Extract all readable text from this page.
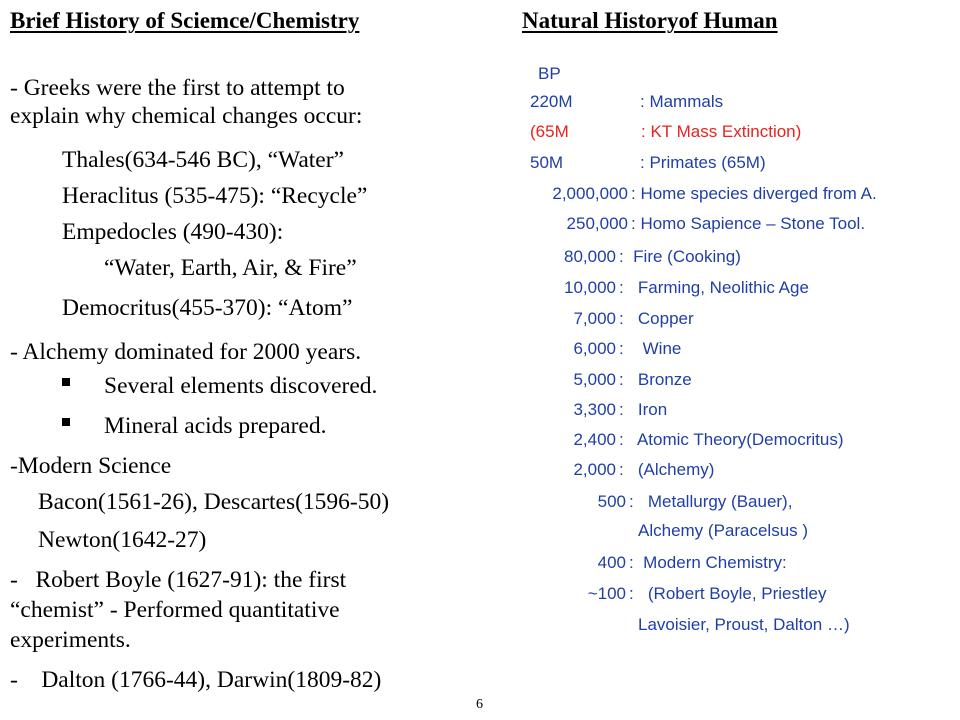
Brief History of Sciemce/Chemistry
- Greeks were the first to attempt to
explain why chemical changes occur:
Thales(634-546 BC), “Water”
Heraclitus (535-475): “Recycle”
Empedocles (490-430):
“Water, Earth, Air, & Fire”
Democritus(455-370): “Atom”
- Alchemy dominated for 2000 years.
Several elements discovered.
Mineral acids prepared.
-Modern Science
Bacon(1561-26), Descartes(1596-50)
Newton(1642-27)
-   Robert Boyle (1627-91): the first
“chemist” - Performed quantitative
experiments.
-    Dalton (1766-44), Darwin(1809-82)
Natural Historyof Human
BP
220M	: Mammals
(65M	: KT Mass Extinction)
50M	: Primates (65M)
2,000,000 : Home species diverged from A.
250,000 : Homo Sapience – Stone Tool.
80,000 :  Fire (Cooking)
10,000 :   Farming, Neolithic Age
7,000 :   Copper
6,000 :    Wine
5,000 :   Bronze
3,300 :   Iron
2,400 :   Atomic Theory(Democritus)
2,000 :   (Alchemy)
500 :   Metallurgy (Bauer),
Alchemy (Paracelsus )
400 :  Modern Chemistry:
~100 :   (Robert Boyle, Priestley
Lavoisier, Proust, Dalton …)
6
